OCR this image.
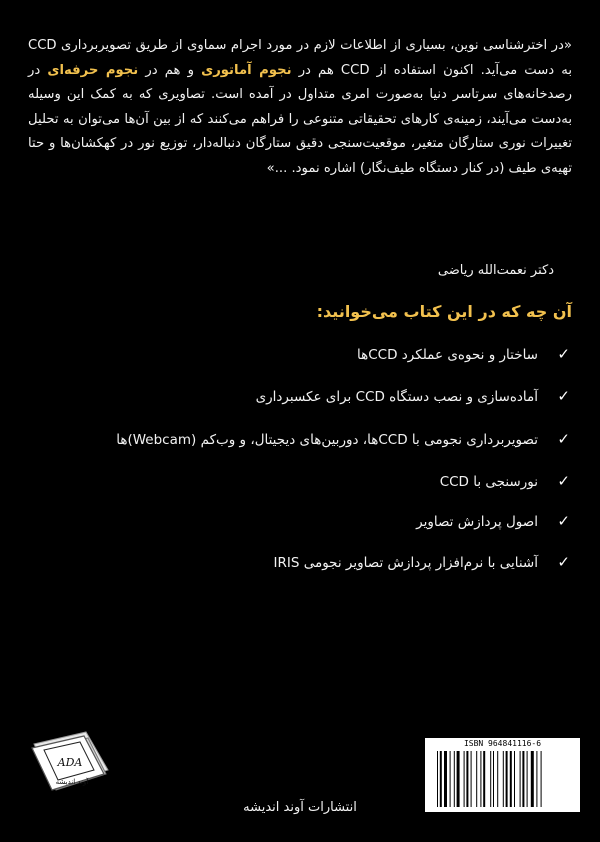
«در اخترشناسی نوین، بسیاری از اطلاعات لازم در مورد اجرام سماوی از طریق تصویربرداری CCD به دست می‌آید. اکنون استفاده از CCD هم در نجوم آماتوری و هم در نجوم حرفه‌ای در رصدخانه‌های سرتاسر دنیا به‌صورت امری متداول در آمده است. تصاویری که به کمک این وسیله به‌دست می‌آیند، زمینه‌ی کارهای تحقیقاتی متنوعی را فراهم می‌کنند که از بین آن‌ها می‌توان به تحلیل تغییرات نوری ستارگان متغیر، موقعیت‌سنجی دقیق ستارگان دنباله‌دار، توزیع نور در کهکشان‌ها و حتا تهیه‌ی طیف (در کنار دستگاه طیف‌نگار) اشاره نمود. ...»
دکتر نعمت‌الله ریاضی
آن چه که در این کتاب می‌خوانید:
✓ساختار و نحوه‌ی عملکرد CCDها
✓آماده‌سازی و نصب دستگاه CCD برای عکسبرداری
✓تصویربرداری نجومی با CCDها، دوربین‌های دیجیتال، و وب‌کم (Webcam)ها
✓نورسنجی با CCD
✓اصول پردازش تصاویر
✓آشنایی با نرم‌افزار پردازش تصاویر نجومی IRIS
ADA
آوند اندیشه
ISBN 964841116-6
انتشارات آوند اندیشه
